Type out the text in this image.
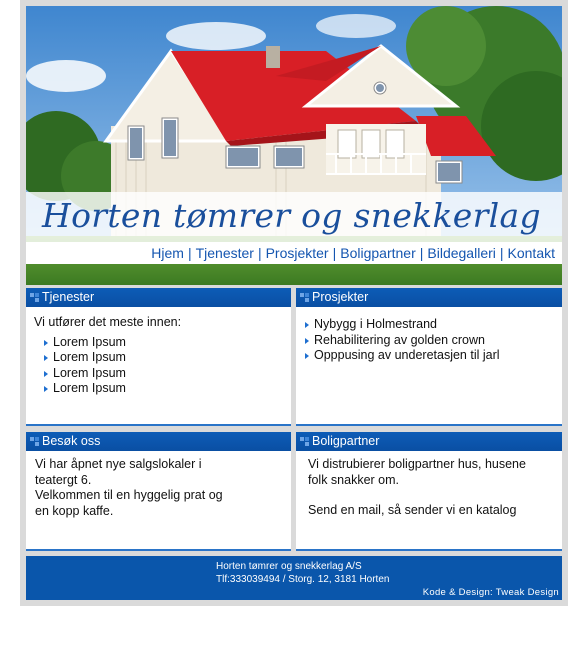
Horten tømrer og snekkerlag
Hjem | Tjenester | Prosjekter | Boligpartner | Bildegalleri | Kontakt
Tjenester
Vi utfører det meste innen:
Lorem Ipsum
Lorem Ipsum
Lorem Ipsum
Lorem Ipsum
Prosjekter
Nybygg i Holmestrand
Rehabilitering av golden crown
Opppusing av underetasjen til jarl
Besøk oss
Vi har åpnet nye salgslokaler i
teatergt 6.
Velkommen til en hyggelig prat og
en kopp kaffe.
Boligpartner
Vi distrubierer boligpartner hus, husene
folk snakker om.
Send en mail, så sender vi en katalog
Horten tømrer og snekkerlag A/S
Tlf:333039494 / Storg. 12, 3181 Horten
Kode & Design: Tweak Design
